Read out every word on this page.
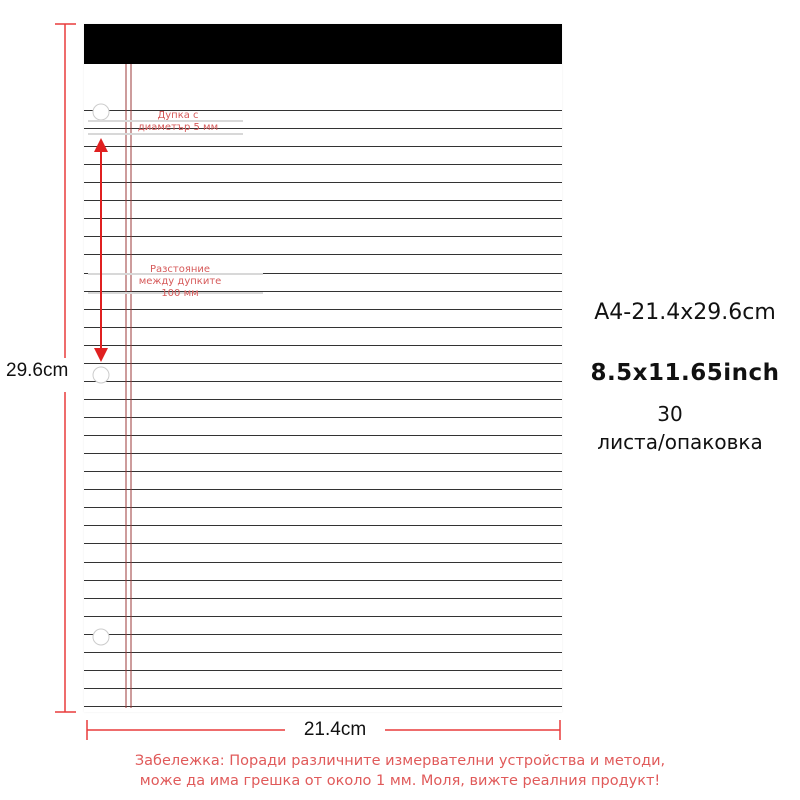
29.6cm
21.4cm
Дупка с
диаметър 5 мм
Разстояние
между дупките
100 мм
A4-21.4x29.6cm
8.5x11.65inch
30
листа/опаковка
Забележка: Поради различните измервателни устройства и методи,
може да има грешка от около 1 мм. Моля, вижте реалния продукт!
